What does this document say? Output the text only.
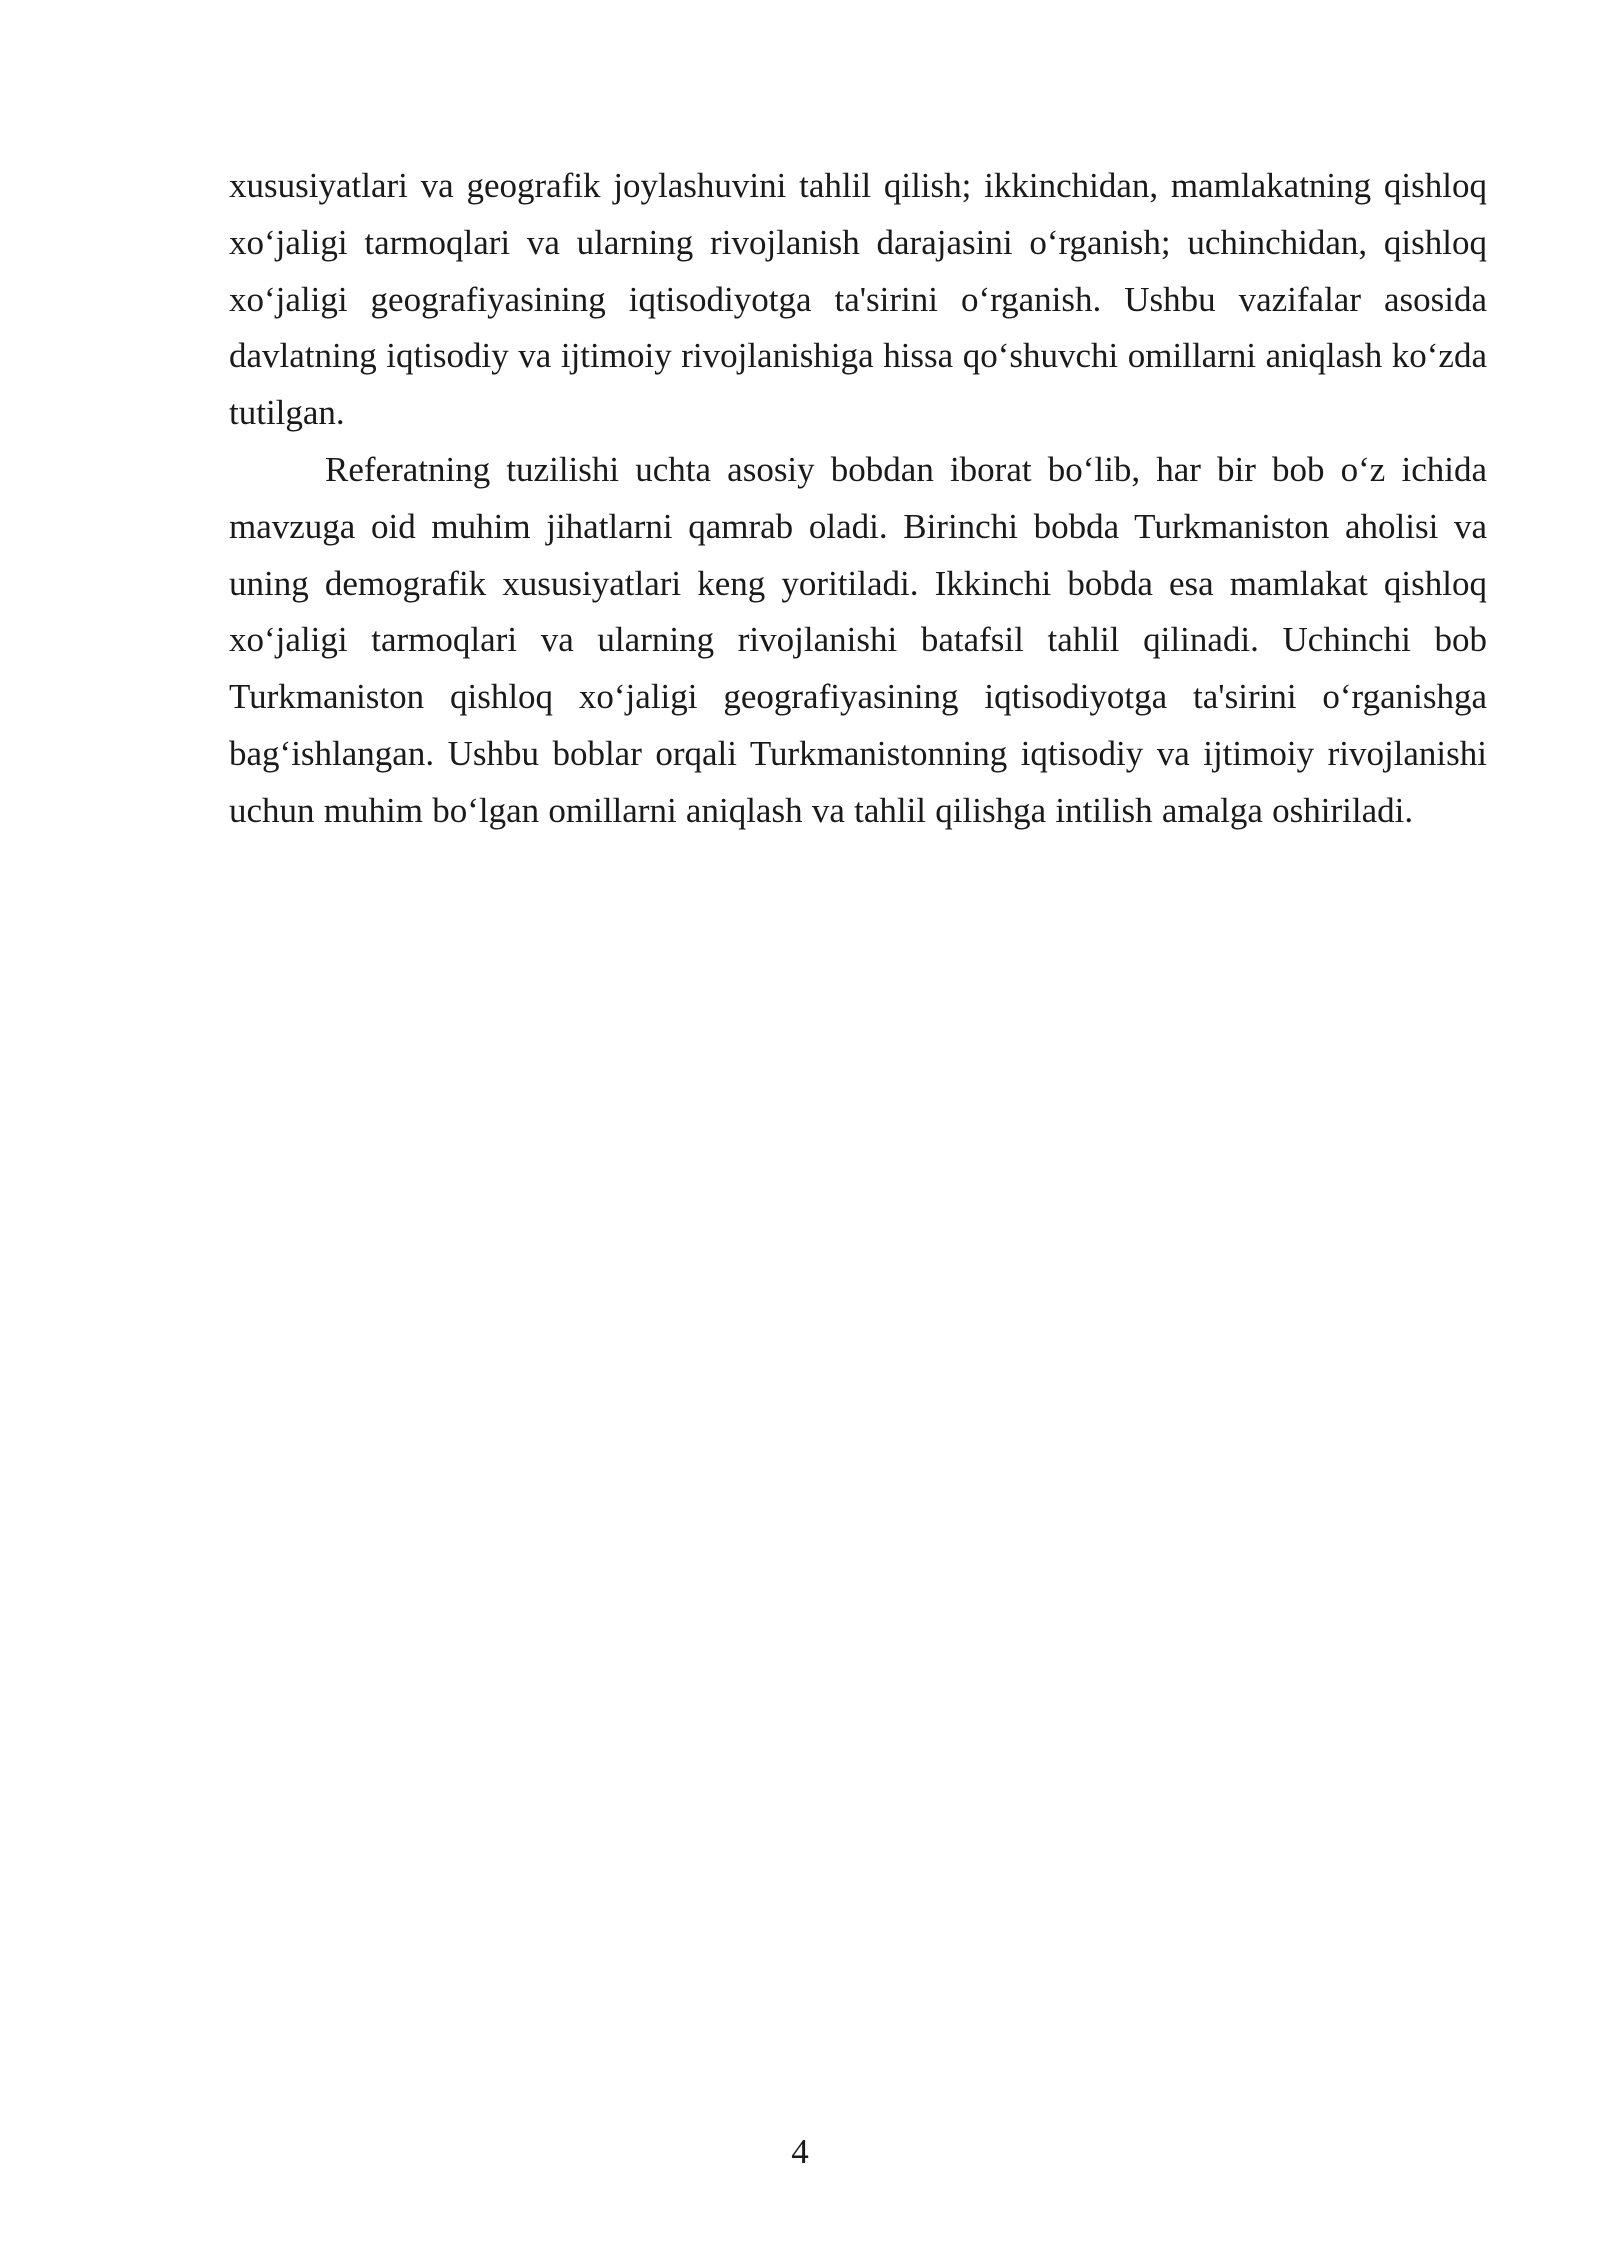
xususiyatlari va geografik joylashuvini tahlil qilish; ikkinchidan, mamlakatning qishloq xo‘jaligi tarmoqlari va ularning rivojlanish darajasini o‘rganish; uchinchidan, qishloq xo‘jaligi geografiyasining iqtisodiyotga ta'sirini o‘rganish. Ushbu vazifalar asosida davlatning iqtisodiy va ijtimoiy rivojlanishiga hissa qo‘shuvchi omillarni aniqlash ko‘zda tutilgan.

Referatning tuzilishi uchta asosiy bobdan iborat bo‘lib, har bir bob o‘z ichida mavzuga oid muhim jihatlarni qamrab oladi. Birinchi bobda Turkmaniston aholisi va uning demografik xususiyatlari keng yoritiladi. Ikkinchi bobda esa mamlakat qishloq xo‘jaligi tarmoqlari va ularning rivojlanishi batafsil tahlil qilinadi. Uchinchi bob Turkmaniston qishloq xo‘jaligi geografiyasining iqtisodiyotga ta'sirini o‘rganishga bag‘ishlangan. Ushbu boblar orqali Turkmanistonning iqtisodiy va ijtimoiy rivojlanishi uchun muhim bo‘lgan omillarni aniqlash va tahlil qilishga intilish amalga oshiriladi.

4
